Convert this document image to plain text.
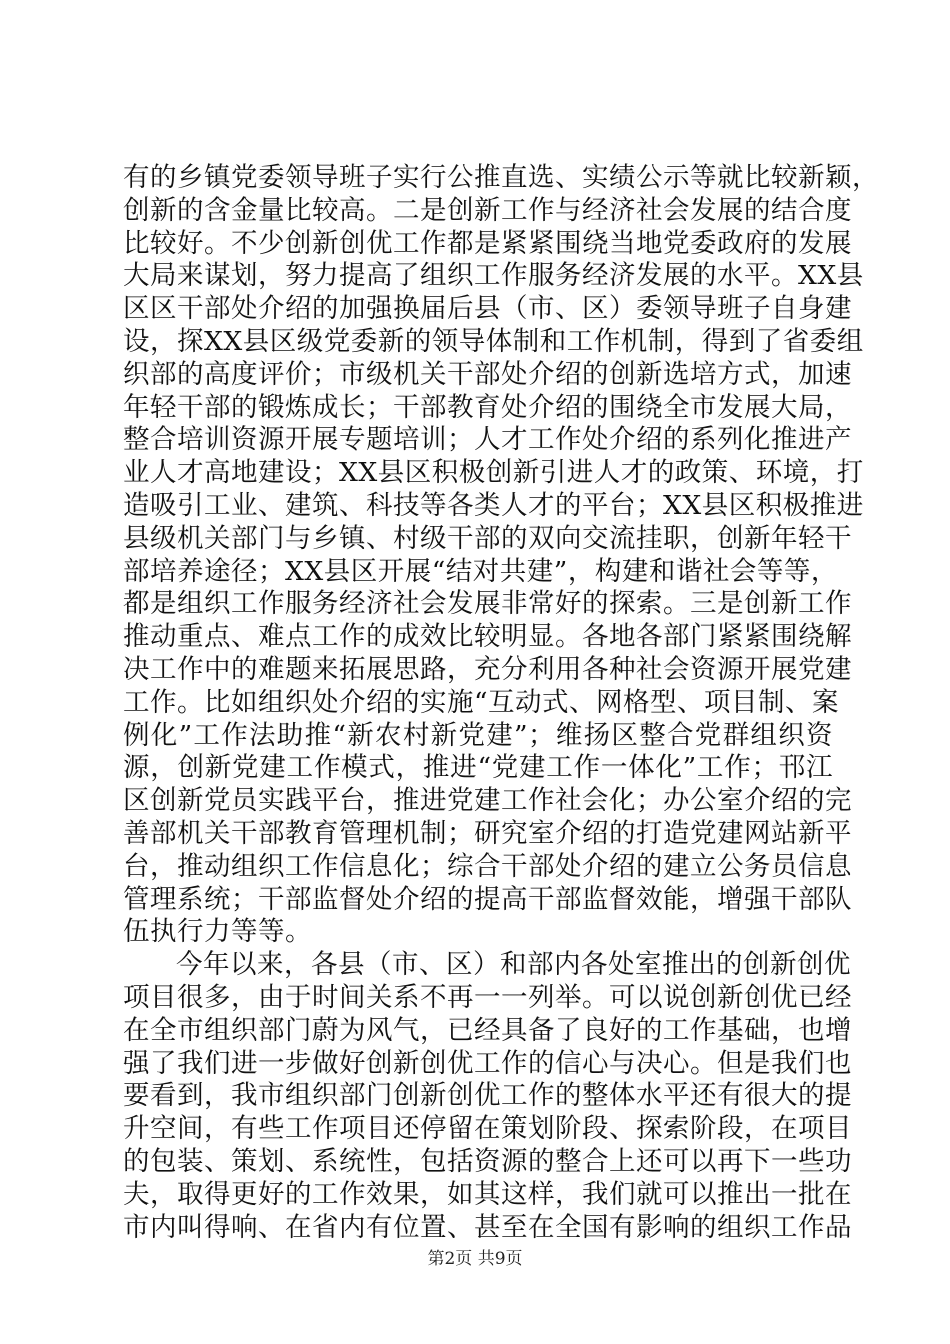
有的乡镇党委领导班子实行公推直选、实绩公示等就比较新颖，
创新的含金量比较高。二是创新工作与经济社会发展的结合度
比较好。不少创新创优工作都是紧紧围绕当地党委政府的发展
大局来谋划，努力提高了组织工作服务经济发展的水平。XX县
区区干部处介绍的加强换届后县（市、区）委领导班子自身建
设，探XX县区级党委新的领导体制和工作机制，得到了省委组
织部的高度评价；市级机关干部处介绍的创新选培方式，加速
年轻干部的锻炼成长；干部教育处介绍的围绕全市发展大局，
整合培训资源开展专题培训；人才工作处介绍的系列化推进产
业人才高地建设；XX县区积极创新引进人才的政策、环境，打
造吸引工业、建筑、科技等各类人才的平台；XX县区积极推进
县级机关部门与乡镇、村级干部的双向交流挂职，创新年轻干
部培养途径；XX县区开展“结对共建”，构建和谐社会等等，
都是组织工作服务经济社会发展非常好的探索。三是创新工作
推动重点、难点工作的成效比较明显。各地各部门紧紧围绕解
决工作中的难题来拓展思路，充分利用各种社会资源开展党建
工作。比如组织处介绍的实施“互动式、网格型、项目制、案
例化”工作法助推“新农村新党建”；维扬区整合党群组织资
源，创新党建工作模式，推进“党建工作一体化”工作；邗江
区创新党员实践平台，推进党建工作社会化；办公室介绍的完
善部机关干部教育管理机制；研究室介绍的打造党建网站新平
台，推动组织工作信息化；综合干部处介绍的建立公务员信息
管理系统；干部监督处介绍的提高干部监督效能，增强干部队
伍执行力等等。
今年以来，各县（市、区）和部内各处室推出的创新创优
项目很多，由于时间关系不再一一列举。可以说创新创优已经
在全市组织部门蔚为风气，已经具备了良好的工作基础，也增
强了我们进一步做好创新创优工作的信心与决心。但是我们也
要看到，我市组织部门创新创优工作的整体水平还有很大的提
升空间，有些工作项目还停留在策划阶段、探索阶段，在项目
的包装、策划、系统性，包括资源的整合上还可以再下一些功
夫，取得更好的工作效果，如其这样，我们就可以推出一批在
市内叫得响、在省内有位置、甚至在全国有影响的组织工作品
第2页 共9页
